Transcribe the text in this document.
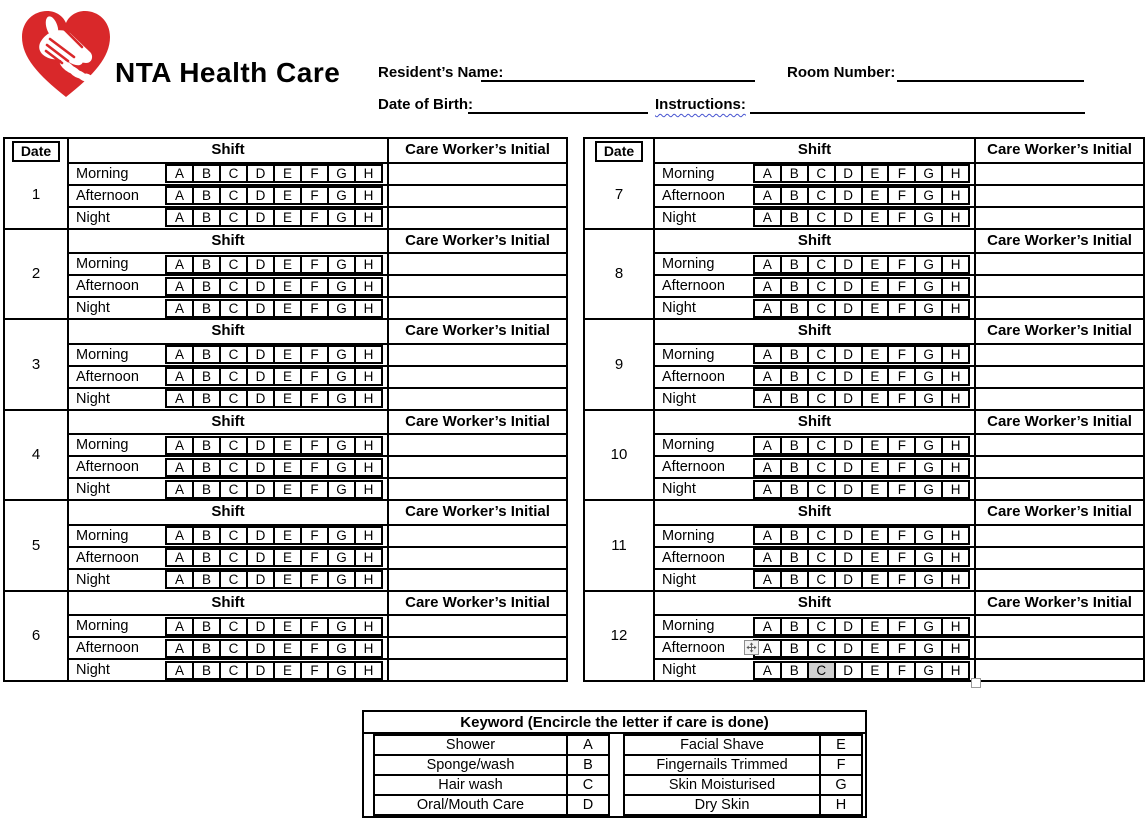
NTA Health Care	Resident’s Name:	Room Number:
Date of Birth:	Instructions:
Date
1
Shift	Care Worker’s Initial
Morning	A	B	C	D	E	F	G	H
Afternoon	A	B	C	D	E	F	G	H
Night	A	B	C	D	E	F	G	H
2
Shift	Care Worker’s Initial
Morning	A	B	C	D	E	F	G	H
Afternoon	A	B	C	D	E	F	G	H
Night	A	B	C	D	E	F	G	H
3
Shift	Care Worker’s Initial
Morning	A	B	C	D	E	F	G	H
Afternoon	A	B	C	D	E	F	G	H
Night	A	B	C	D	E	F	G	H
4
Shift	Care Worker’s Initial
Morning	A	B	C	D	E	F	G	H
Afternoon	A	B	C	D	E	F	G	H
Night	A	B	C	D	E	F	G	H
5
Shift	Care Worker’s Initial
Morning	A	B	C	D	E	F	G	H
Afternoon	A	B	C	D	E	F	G	H
Night	A	B	C	D	E	F	G	H
6
Shift	Care Worker’s Initial
Morning	A	B	C	D	E	F	G	H
Afternoon	A	B	C	D	E	F	G	H
Night	A	B	C	D	E	F	G	H
Date
7
Shift	Care Worker’s Initial
Morning	A	B	C	D	E	F	G	H
Afternoon	A	B	C	D	E	F	G	H
Night	A	B	C	D	E	F	G	H
8
Shift	Care Worker’s Initial
Morning	A	B	C	D	E	F	G	H
Afternoon	A	B	C	D	E	F	G	H
Night	A	B	C	D	E	F	G	H
9
Shift	Care Worker’s Initial
Morning	A	B	C	D	E	F	G	H
Afternoon	A	B	C	D	E	F	G	H
Night	A	B	C	D	E	F	G	H
10
Shift	Care Worker’s Initial
Morning	A	B	C	D	E	F	G	H
Afternoon	A	B	C	D	E	F	G	H
Night	A	B	C	D	E	F	G	H
11
Shift	Care Worker’s Initial
Morning	A	B	C	D	E	F	G	H
Afternoon	A	B	C	D	E	F	G	H
Night	A	B	C	D	E	F	G	H
12
Shift	Care Worker’s Initial
Morning	A	B	C	D	E	F	G	H
Afternoon	A	B	C	D	E	F	G	H
Night	A	B	C	D	E	F	G	H
Keyword (Encircle the letter if care is done)
Shower	A
Sponge/wash	B
Hair wash	C
Oral/Mouth Care	D
Facial Shave	E
Fingernails Trimmed	F
Skin Moisturised	G
Dry Skin	H
